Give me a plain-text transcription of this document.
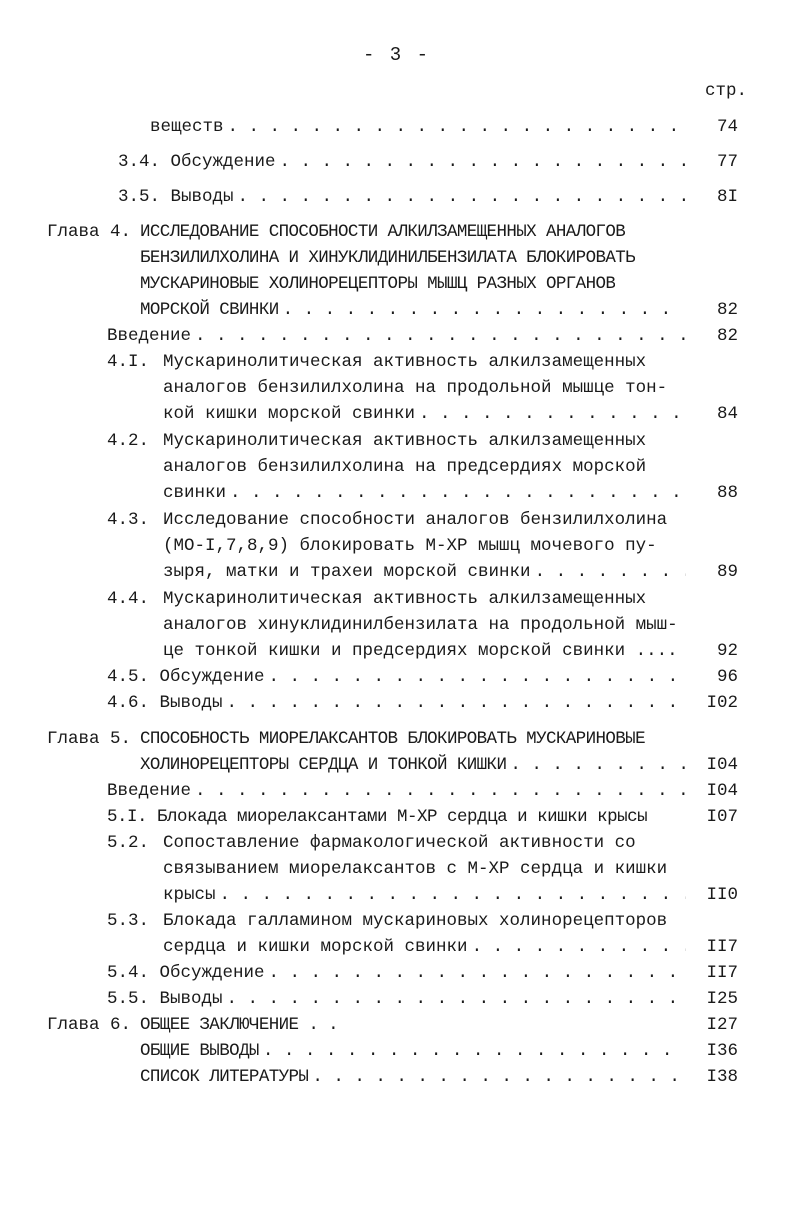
- 3 -
стр.
веществ . . .	74
3.4. Обсуждение . . .	77
3.5. Выводы . . .	8I
Глава 4. ИССЛЕДОВАНИЕ СПОСОБНОСТИ АЛКИЛЗАМЕЩЕННЫХ АНАЛОГОВ
БЕНЗИЛИЛХОЛИНА И ХИНУКЛИДИНИЛБЕНЗИЛАТА БЛОКИРОВАТЬ
МУСКАРИНОВЫЕ ХОЛИНОРЕЦЕПТОРЫ МЫШЦ РАЗНЫХ ОРГАНОВ
МОРСКОЙ СВИНКИ . . .	82
Введение . . .	82
4.I. Мускаринолитическая активность алкилзамещенных
аналогов бензилилхолина на продольной мышце тон-
кой кишки морской свинки . . .	84
4.2. Мускаринолитическая активность алкилзамещенных
аналогов бензилилхолина на предсердиях морской
свинки . . .	88
4.3. Исследование способности аналогов бензилилхолина
(МО-I,7,8,9) блокировать М-ХР мышц мочевого пу-
зыря, матки и трахеи морской свинки . . .	89
4.4. Мускаринолитическая активность алкилзамещенных
аналогов хинуклидинилбензилата на продольной мыш-
це тонкой кишки и предсердиях морской свинки ....	92
4.5. Обсуждение . . .	96
4.6. Выводы . . .	I02
Глава 5. СПОСОБНОСТЬ МИОРЕЛАКСАНТОВ БЛОКИРОВАТЬ МУСКАРИНОВЫЕ
ХОЛИНОРЕЦЕПТОРЫ СЕРДЦА И ТОНКОЙ КИШКИ . . .	I04
Введение . . .	I04
5.I. Блокада миорелаксантами М-ХР сердца и кишки крысы	I07
5.2. Сопоставление фармакологической активности со
связыванием миорелаксантов с М-ХР сердца и кишки
крысы . . .	II0
5.3. Блокада галламином мускариновых холинорецепторов
сердца и кишки морской свинки . . .	II7
5.4. Обсуждение . . .	II7
5.5. Выводы . . .	I25
Глава 6. ОБЩЕЕ ЗАКЛЮЧЕНИЕ . .	I27
ОБЩИЕ ВЫВОДЫ . . .	I36
СПИСОК ЛИТЕРАТУРЫ . . .	I38
